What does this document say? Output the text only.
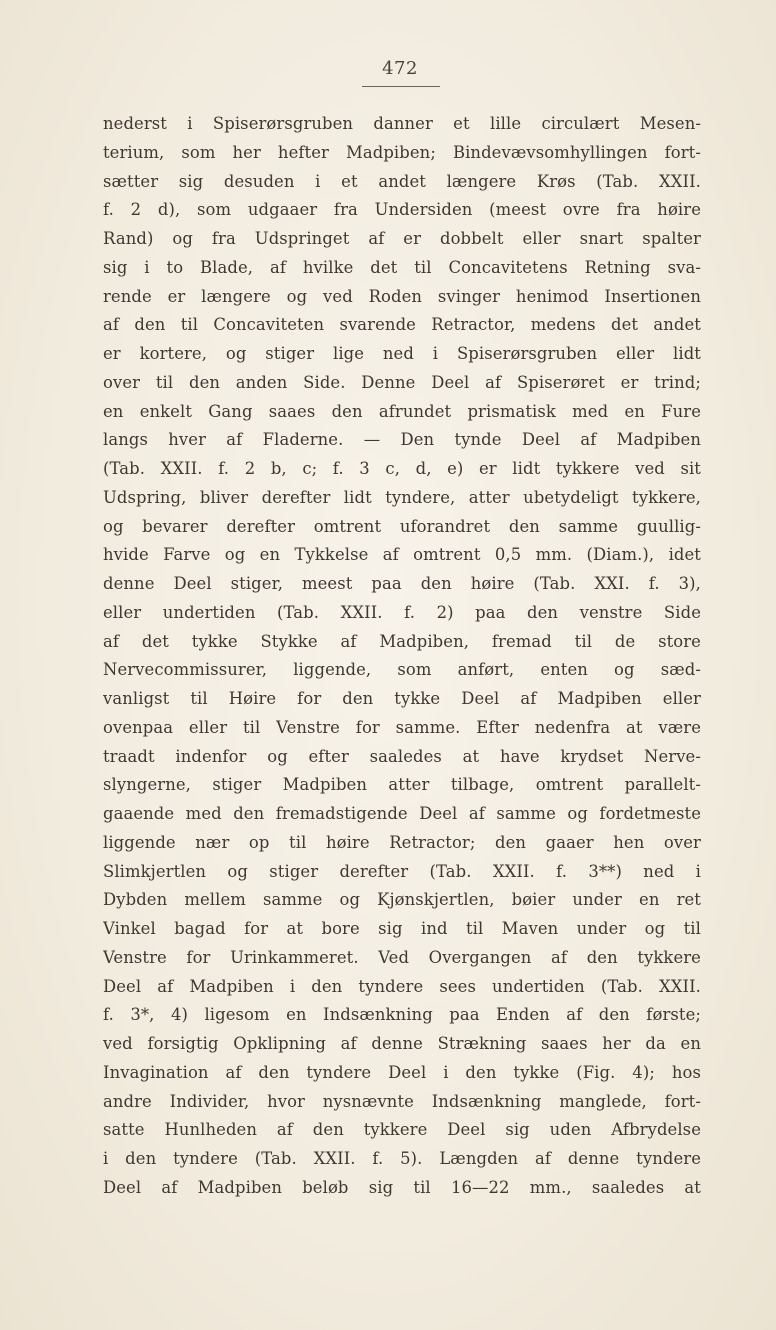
472
nederst i Spiserørsgruben danner et lille circulært Mesen-
terium, som her hefter Madpiben; Bindevævsomhyllingen fort-
sætter sig desuden i et andet længere Krøs (Tab. XXII.
f. 2 d), som udgaaer fra Undersiden (meest ovre fra høire
Rand) og fra Udspringet af er dobbelt eller snart spalter
sig i to Blade, af hvilke det til Concavitetens Retning sva-
rende er længere og ved Roden svinger henimod Insertionen
af den til Concaviteten svarende Retractor, medens det andet
er kortere, og stiger lige ned i Spiserørsgruben eller lidt
over til den anden Side. Denne Deel af Spiserøret er trind;
en enkelt Gang saaes den afrundet prismatisk med en Fure
langs hver af Fladerne. — Den tynde Deel af Madpiben
(Tab. XXII. f. 2 b, c; f. 3 c, d, e) er lidt tykkere ved sit
Udspring, bliver derefter lidt tyndere, atter ubetydeligt tykkere,
og bevarer derefter omtrent uforandret den samme guullig-
hvide Farve og en Tykkelse af omtrent 0,5 mm. (Diam.), idet
denne Deel stiger, meest paa den høire (Tab. XXI. f. 3),
eller undertiden (Tab. XXII. f. 2) paa den venstre Side
af det tykke Stykke af Madpiben, fremad til de store
Nervecommissurer, liggende, som anført, enten og sæd-
vanligst til Høire for den tykke Deel af Madpiben eller
ovenpaa eller til Venstre for samme. Efter nedenfra at være
traadt indenfor og efter saaledes at have krydset Nerve-
slyngerne, stiger Madpiben atter tilbage, omtrent parallelt-
gaaende med den fremadstigende Deel af samme og fordetmeste
liggende nær op til høire Retractor; den gaaer hen over
Slimkjertlen og stiger derefter (Tab. XXII. f. 3**) ned i
Dybden mellem samme og Kjønskjertlen, bøier under en ret
Vinkel bagad for at bore sig ind til Maven under og til
Venstre for Urinkammeret. Ved Overgangen af den tykkere
Deel af Madpiben i den tyndere sees undertiden (Tab. XXII.
f. 3*, 4) ligesom en Indsænkning paa Enden af den første;
ved forsigtig Opklipning af denne Strækning saaes her da en
Invagination af den tyndere Deel i den tykke (Fig. 4); hos
andre Individer, hvor nysnævnte Indsænkning manglede, fort-
satte Hunlheden af den tykkere Deel sig uden Afbrydelse
i den tyndere (Tab. XXII. f. 5). Længden af denne tyndere
Deel af Madpiben beløb sig til 16—22 mm., saaledes at
